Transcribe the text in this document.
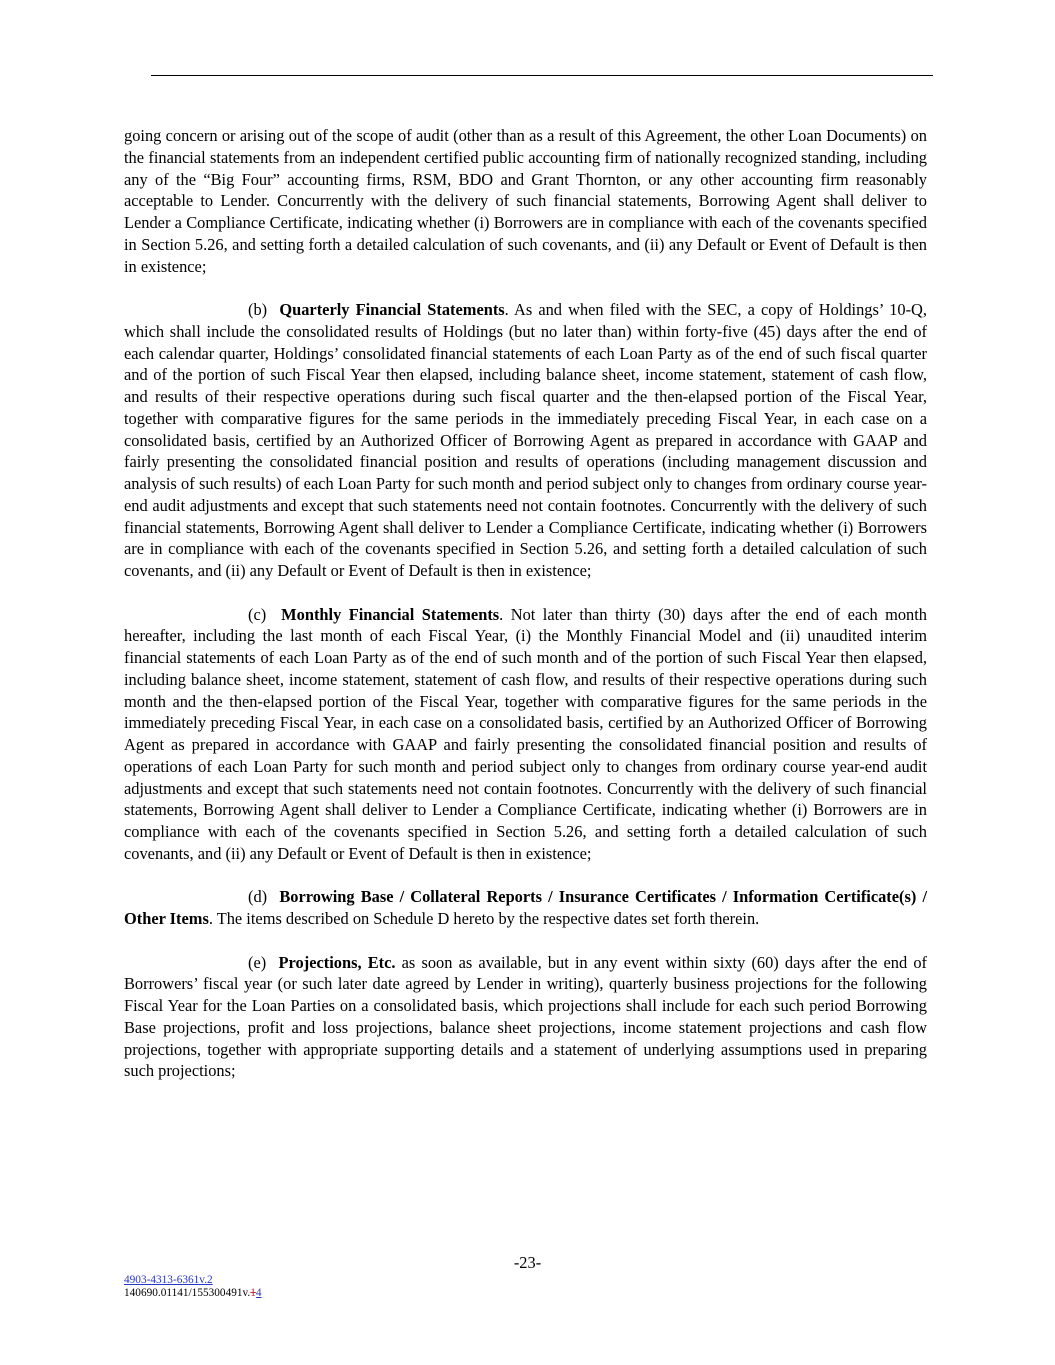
going concern or arising out of the scope of audit (other than as a result of this Agreement, the other Loan Documents) on the financial statements from an independent certified public accounting firm of nationally recognized standing, including any of the “Big Four” accounting firms, RSM, BDO and Grant Thornton, or any other accounting firm reasonably acceptable to Lender. Concurrently with the delivery of such financial statements, Borrowing Agent shall deliver to Lender a Compliance Certificate, indicating whether (i) Borrowers are in compliance with each of the covenants specified in Section 5.26, and setting forth a detailed calculation of such covenants, and (ii) any Default or Event of Default is then in existence;

(b) Quarterly Financial Statements. As and when filed with the SEC, a copy of Holdings’ 10-Q, which shall include the consolidated results of Holdings (but no later than) within forty-five (45) days after the end of each calendar quarter, Holdings’ consolidated financial statements of each Loan Party as of the end of such fiscal quarter and of the portion of such Fiscal Year then elapsed, including balance sheet, income statement, statement of cash flow, and results of their respective operations during such fiscal quarter and the then-elapsed portion of the Fiscal Year, together with comparative figures for the same periods in the immediately preceding Fiscal Year, in each case on a consolidated basis, certified by an Authorized Officer of Borrowing Agent as prepared in accordance with GAAP and fairly presenting the consolidated financial position and results of operations (including management discussion and analysis of such results) of each Loan Party for such month and period subject only to changes from ordinary course year-end audit adjustments and except that such statements need not contain footnotes. Concurrently with the delivery of such financial statements, Borrowing Agent shall deliver to Lender a Compliance Certificate, indicating whether (i) Borrowers are in compliance with each of the covenants specified in Section 5.26, and setting forth a detailed calculation of such covenants, and (ii) any Default or Event of Default is then in existence;

(c) Monthly Financial Statements. Not later than thirty (30) days after the end of each month hereafter, including the last month of each Fiscal Year, (i) the Monthly Financial Model and (ii) unaudited interim financial statements of each Loan Party as of the end of such month and of the portion of such Fiscal Year then elapsed, including balance sheet, income statement, statement of cash flow, and results of their respective operations during such month and the then-elapsed portion of the Fiscal Year, together with comparative figures for the same periods in the immediately preceding Fiscal Year, in each case on a consolidated basis, certified by an Authorized Officer of Borrowing Agent as prepared in accordance with GAAP and fairly presenting the consolidated financial position and results of operations of each Loan Party for such month and period subject only to changes from ordinary course year-end audit adjustments and except that such statements need not contain footnotes. Concurrently with the delivery of such financial statements, Borrowing Agent shall deliver to Lender a Compliance Certificate, indicating whether (i) Borrowers are in compliance with each of the covenants specified in Section 5.26, and setting forth a detailed calculation of such covenants, and (ii) any Default or Event of Default is then in existence;

(d) Borrowing Base / Collateral Reports / Insurance Certificates / Information Certificate(s) / Other Items. The items described on Schedule D hereto by the respective dates set forth therein.

(e) Projections, Etc. as soon as available, but in any event within sixty (60) days after the end of Borrowers’ fiscal year (or such later date agreed by Lender in writing), quarterly business projections for the following Fiscal Year for the Loan Parties on a consolidated basis, which projections shall include for each such period Borrowing Base projections, profit and loss projections, balance sheet projections, income statement projections and cash flow projections, together with appropriate supporting details and a statement of underlying assumptions used in preparing such projections;

-23-
4903-4313-6361v.2
140690.01141/155300491v.14
